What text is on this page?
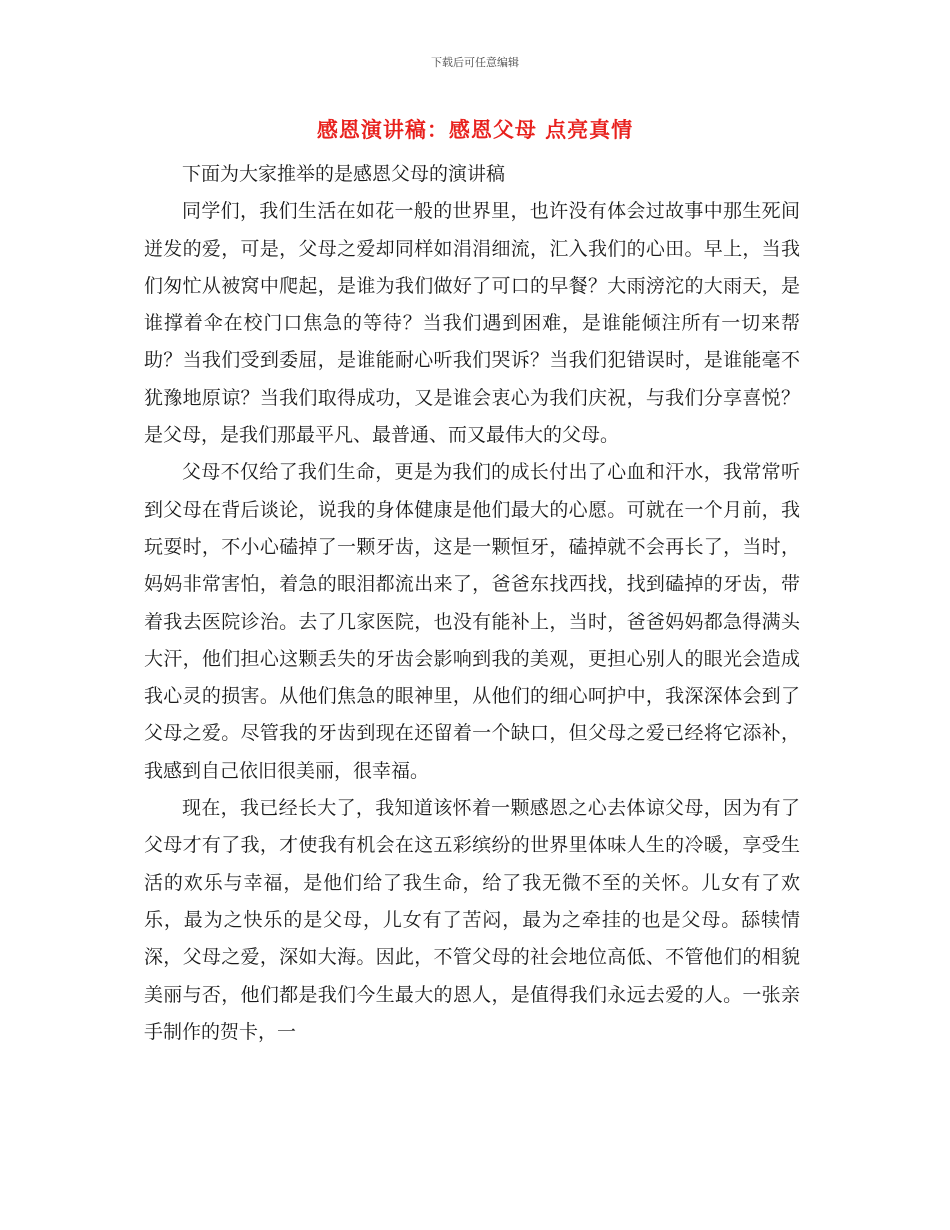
下载后可任意编辑
感恩演讲稿：感恩父母 点亮真情

下面为大家推举的是感恩父母的演讲稿

同学们，我们生活在如花一般的世界里，也许没有体会过故事中那生死间迸发的爱，可是，父母之爱却同样如涓涓细流，汇入我们的心田。早上，当我们匆忙从被窝中爬起，是谁为我们做好了可口的早餐？大雨滂沱的大雨天，是谁撑着伞在校门口焦急的等待？当我们遇到困难，是谁能倾注所有一切来帮助？当我们受到委屈，是谁能耐心听我们哭诉？当我们犯错误时，是谁能毫不犹豫地原谅？当我们取得成功，又是谁会衷心为我们庆祝，与我们分享喜悦？是父母，是我们那最平凡、最普通、而又最伟大的父母。

父母不仅给了我们生命，更是为我们的成长付出了心血和汗水，我常常听到父母在背后谈论，说我的身体健康是他们最大的心愿。可就在一个月前，我玩耍时，不小心磕掉了一颗牙齿，这是一颗恒牙，磕掉就不会再长了，当时，妈妈非常害怕，着急的眼泪都流出来了，爸爸东找西找，找到磕掉的牙齿，带着我去医院诊治。去了几家医院，也没有能补上，当时，爸爸妈妈都急得满头大汗，他们担心这颗丢失的牙齿会影响到我的美观，更担心别人的眼光会造成我心灵的损害。从他们焦急的眼神里，从他们的细心呵护中，我深深体会到了父母之爱。尽管我的牙齿到现在还留着一个缺口，但父母之爱已经将它添补，我感到自己依旧很美丽，很幸福。

现在，我已经长大了，我知道该怀着一颗感恩之心去体谅父母，因为有了父母才有了我，才使我有机会在这五彩缤纷的世界里体味人生的冷暖，享受生活的欢乐与幸福，是他们给了我生命，给了我无微不至的关怀。儿女有了欢乐，最为之快乐的是父母，儿女有了苦闷，最为之牵挂的也是父母。舔犊情深，父母之爱，深如大海。因此，不管父母的社会地位高低、不管他们的相貌美丽与否，他们都是我们今生最大的恩人，是值得我们永远去爱的人。一张亲手制作的贺卡，一
